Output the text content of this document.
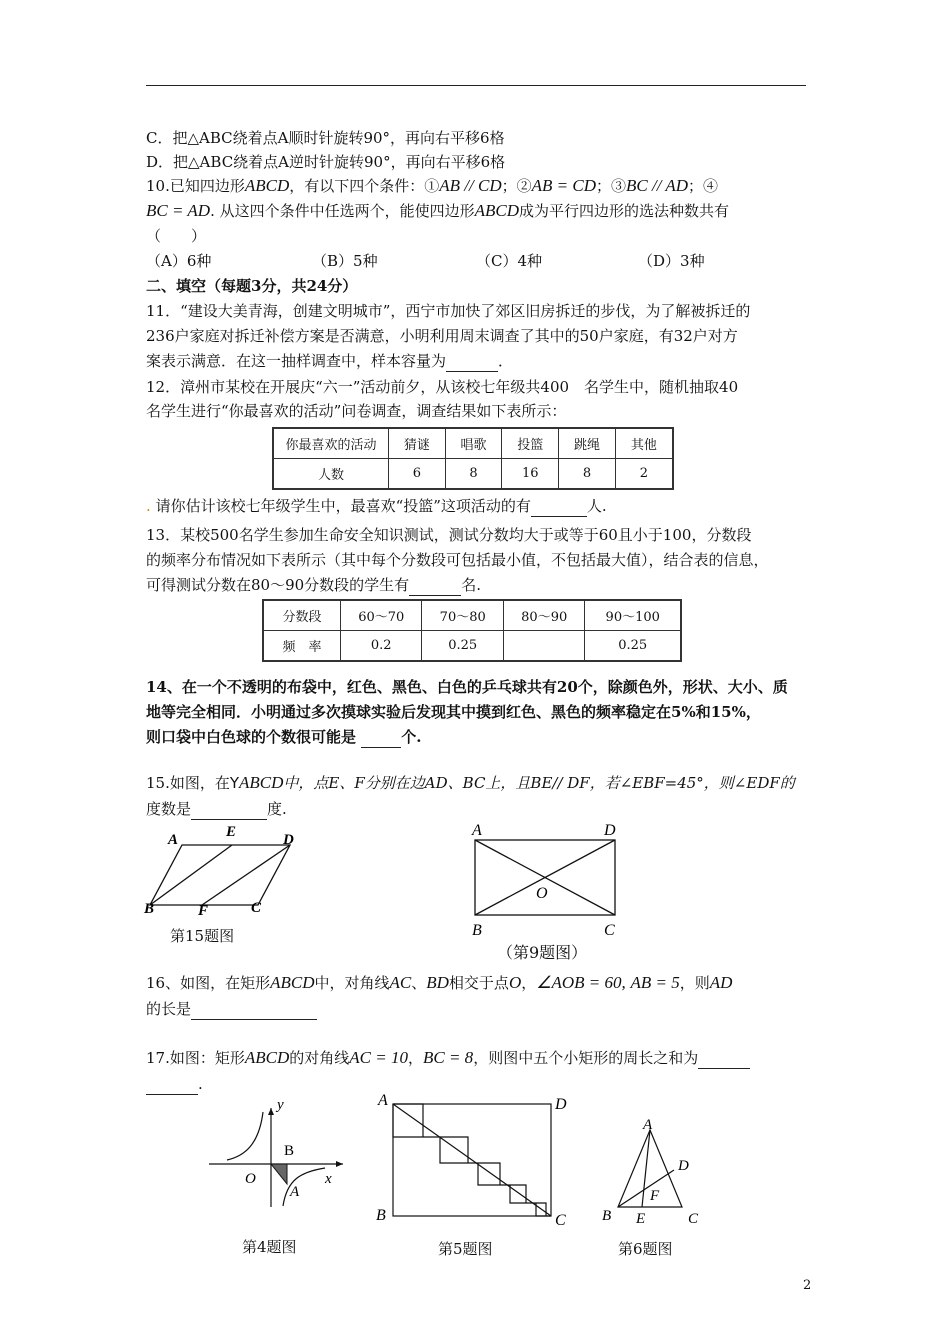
C．把△ABC绕着点A顺时针旋转90°，再向右平移6格
D．把△ABC绕着点A逆时针旋转90°，再向右平移6格
10.已知四边形ABCD，有以下四个条件：①AB // CD；②AB = CD；③BC // AD；④
BC = AD. 从这四个条件中任选两个，能使四边形ABCD成为平行四边形的选法种数共有
（　　）
（A）6种	（B）5种	（C）4种	（D）3种
二、填空（每题3分，共24分）
11．“建设大美青海，创建文明城市”，西宁市加快了郊区旧房拆迁的步伐，为了解被拆迁的
236户家庭对拆迁补偿方案是否满意，小明利用周末调查了其中的50户家庭，有32户对方
案表示满意．在这一抽样调查中，样本容量为	．
12．漳州市某校在开展庆“六一”活动前夕，从该校七年级共400　名学生中，随机抽取40
名学生进行“你最喜欢的活动”问卷调查，调查结果如下表所示：
你最喜欢的活动	猜谜	唱歌	投篮	跳绳	其他
人数	6	8	16	8	2
. 请你估计该校七年级学生中，最喜欢“投篮”这项活动的有	人.
13．某校500名学生参加生命安全知识测试，测试分数均大于或等于60且小于100，分数段
的频率分布情况如下表所示（其中每个分数段可包括最小值，不包括最大值），结合表的信息，
可得测试分数在80～90分数段的学生有	名.
分数段	60～70	70～80	80～90	90～100
频　率	0.2	0.25		0.25
14、在一个不透明的布袋中，红色、黑色、白色的乒乓球共有20个，除颜色外，形状、大小、质
地等完全相同．小明通过多次摸球实验后发现其中摸到红色、黑色的频率稳定在5%和15%，
则口袋中白色球的个数很可能是	个.
15.如图，在YABCD中，点E、F分别在边AD、BC上，且BE// DF，若∠EBF=45°，则∠EDF的
度数是	度.
A	E	D
B	F	C
第15题图
A	D
O
B	C
（第9题图）
16、如图，在矩形ABCD中，对角线AC、BD相交于点O，∠AOB = 60, AB = 5，则AD
的长是
17.如图：矩形ABCD的对角线AC = 10，BC = 8，则图中五个小矩形的周长之和为
.
y
B
O	x
A
第4题图
A	D
B	C
第5题图
A
D
F
B E	C
第6题图
2
